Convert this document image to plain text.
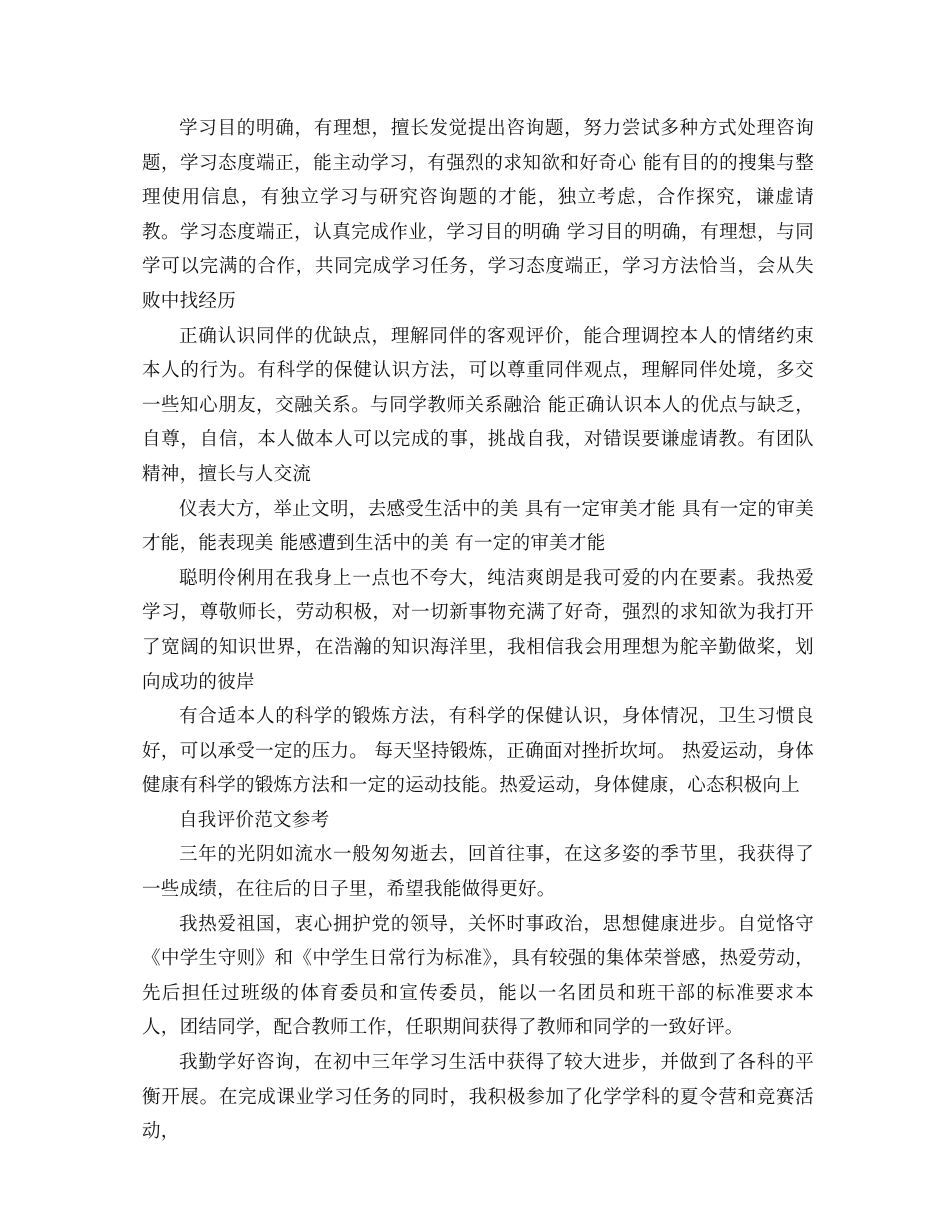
学习目的明确，有理想，擅长发觉提出咨询题，努力尝试多种方式处理咨询题，学习态度端正，能主动学习，有强烈的求知欲和好奇心 能有目的的搜集与整理使用信息，有独立学习与研究咨询题的才能，独立考虑，合作探究，谦虚请教。学习态度端正，认真完成作业，学习目的明确 学习目的明确，有理想，与同学可以完满的合作，共同完成学习任务，学习态度端正，学习方法恰当，会从失败中找经历

正确认识同伴的优缺点，理解同伴的客观评价，能合理调控本人的情绪约束本人的行为。有科学的保健认识方法，可以尊重同伴观点，理解同伴处境，多交一些知心朋友，交融关系。与同学教师关系融洽 能正确认识本人的优点与缺乏，自尊，自信，本人做本人可以完成的事，挑战自我，对错误要谦虚请教。有团队精神，擅长与人交流

仪表大方，举止文明，去感受生活中的美 具有一定审美才能 具有一定的审美才能，能表现美 能感遭到生活中的美 有一定的审美才能

聪明伶俐用在我身上一点也不夸大，纯洁爽朗是我可爱的内在要素。我热爱学习，尊敬师长，劳动积极，对一切新事物充满了好奇，强烈的求知欲为我打开了宽阔的知识世界，在浩瀚的知识海洋里，我相信我会用理想为舵辛勤做桨，划向成功的彼岸

有合适本人的科学的锻炼方法，有科学的保健认识，身体情况，卫生习惯良好，可以承受一定的压力。 每天坚持锻炼，正确面对挫折坎坷。 热爱运动，身体健康有科学的锻炼方法和一定的运动技能。热爱运动，身体健康，心态积极向上

自我评价范文参考

三年的光阴如流水一般匆匆逝去，回首往事，在这多姿的季节里，我获得了一些成绩，在往后的日子里，希望我能做得更好。

我热爱祖国，衷心拥护党的领导，关怀时事政治，思想健康进步。自觉恪守《中学生守则》和《中学生日常行为标准》，具有较强的集体荣誉感，热爱劳动，先后担任过班级的体育委员和宣传委员，能以一名团员和班干部的标准要求本人，团结同学，配合教师工作，任职期间获得了教师和同学的一致好评。

我勤学好咨询，在初中三年学习生活中获得了较大进步，并做到了各科的平衡开展。在完成课业学习任务的同时，我积极参加了化学学科的夏令营和竞赛活动，
